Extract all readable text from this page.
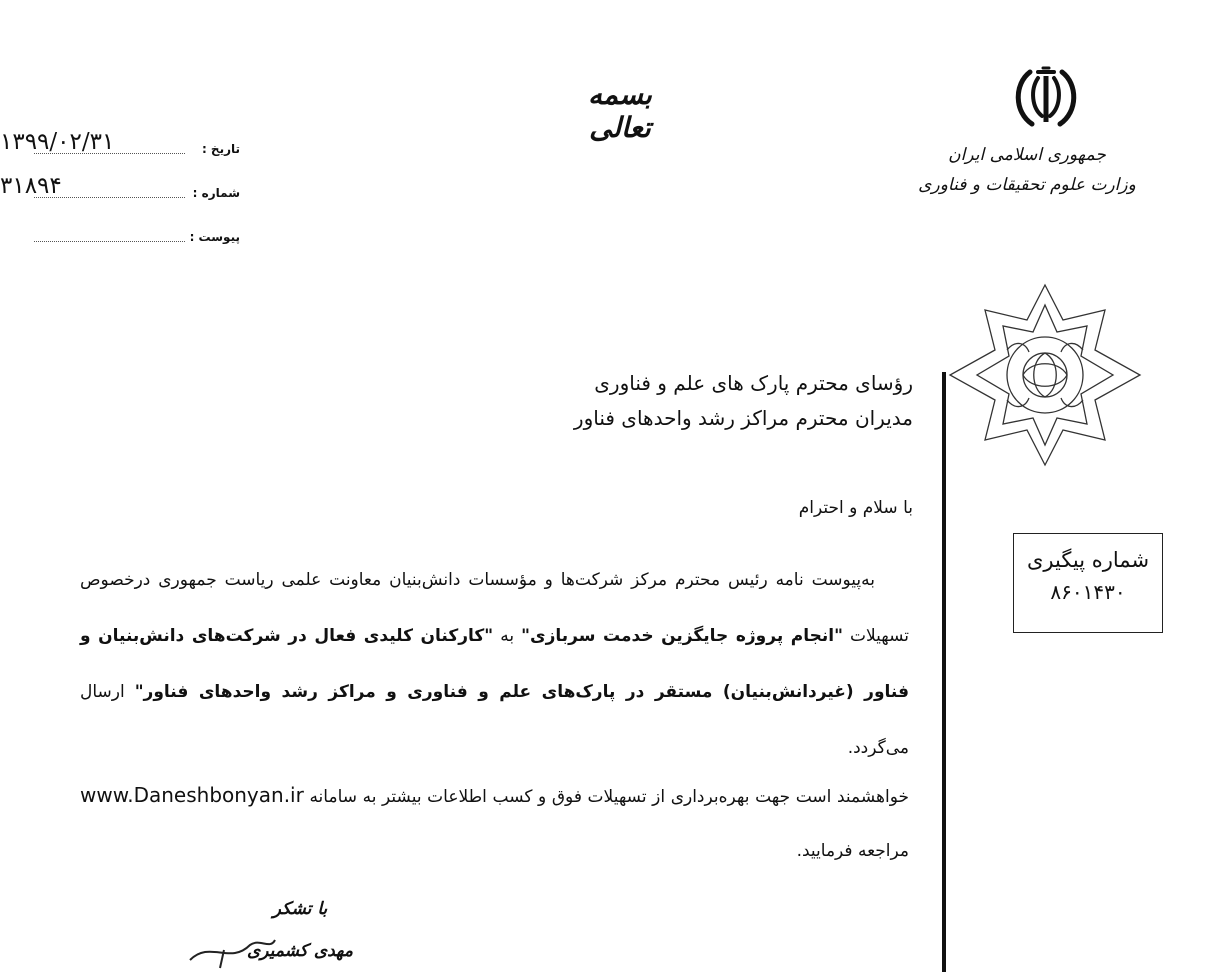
جمهوری اسلامی ایران
وزارت علوم تحقیقات و فناوری
بسمه تعالی
تاریخ :
۱۳۹۹/۰۲/۳۱
شماره :
۳۱۸۹۴
پیوست :
شماره پیگیری
۸۶۰۱۴۳۰
رؤسای محترم پارک های علم و فناوری
مدیران محترم مراکز رشد واحدهای فناور
با سلام و احترام
  به‌پیوست نامه رئیس محترم مرکز شرکت‌ها و مؤسسات دانش‌بنیان معاونت علمی ریاست جمهوری درخصوص تسهیلات "انجام پروژه جایگزین خدمت سربازی" به "کارکنان کلیدی فعال در شرکت‌های دانش‌بنیان و فناور (غیردانش‌بنیان) مستقر در پارک‌های علم و فناوری و مراکز رشد واحدهای فناور" ارسال می‌گردد.
خواهشمند است جهت بهره‌برداری از تسهیلات فوق و کسب اطلاعات بیشتر به سامانه www.Daneshbonyan.ir مراجعه فرمایید.
با تشکر
مهدی کشمیری
